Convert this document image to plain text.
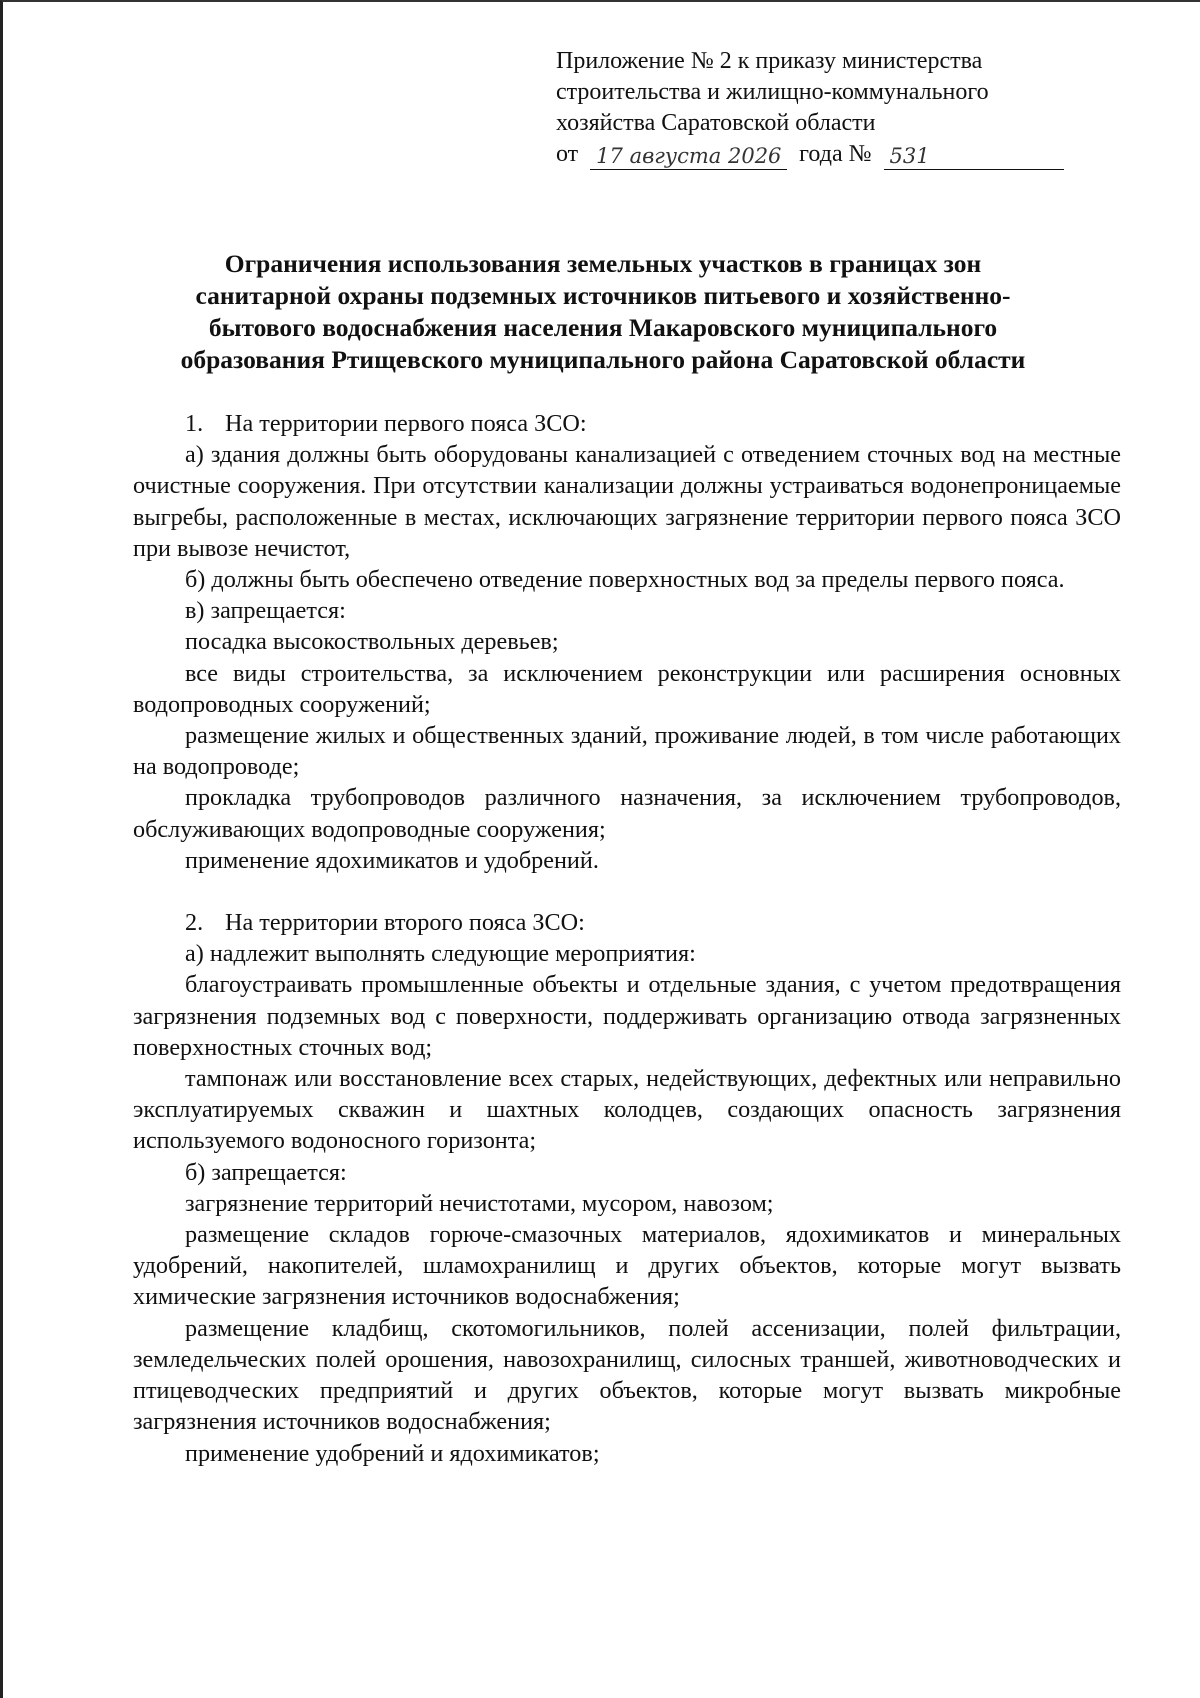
Приложение № 2 к приказу министерства
строительства и жилищно-коммунального
хозяйства Саратовской области
от 17 августа 2026 года № 531
Ограничения использования земельных участков в границах зон
санитарной охраны подземных источников питьевого и хозяйственно-
бытового водоснабжения населения Макаровского муниципального
образования Ртищевского муниципального района Саратовской области
1. На территории первого пояса ЗСО:
а) здания должны быть оборудованы канализацией с отведением сточных вод на местные очистные сооружения. При отсутствии канализации должны устраиваться водонепроницаемые выгребы, расположенные в местах, исключающих загрязнение территории первого пояса ЗСО при вывозе нечистот,
б) должны быть обеспечено отведение поверхностных вод за пределы первого пояса.
в) запрещается:
посадка высокоствольных деревьев;
все виды строительства, за исключением реконструкции или расширения основных водопроводных сооружений;
размещение жилых и общественных зданий, проживание людей, в том числе работающих на водопроводе;
прокладка трубопроводов различного назначения, за исключением трубопроводов, обслуживающих водопроводные сооружения;
применение ядохимикатов и удобрений.
2. На территории второго пояса ЗСО:
а) надлежит выполнять следующие мероприятия:
благоустраивать промышленные объекты и отдельные здания, с учетом предотвращения загрязнения подземных вод с поверхности, поддерживать организацию отвода загрязненных поверхностных сточных вод;
тампонаж или восстановление всех старых, недействующих, дефектных или неправильно эксплуатируемых скважин и шахтных колодцев, создающих опасность загрязнения используемого водоносного горизонта;
б) запрещается:
загрязнение территорий нечистотами, мусором, навозом;
размещение складов горюче-смазочных материалов, ядохимикатов и минеральных удобрений, накопителей, шламохранилищ и других объектов, которые могут вызвать химические загрязнения источников водоснабжения;
размещение кладбищ, скотомогильников, полей ассенизации, полей фильтрации, земледельческих полей орошения, навозохранилищ, силосных траншей, животноводческих и птицеводческих предприятий и других объектов, которые могут вызвать микробные загрязнения источников водоснабжения;
применение удобрений и ядохимикатов;
